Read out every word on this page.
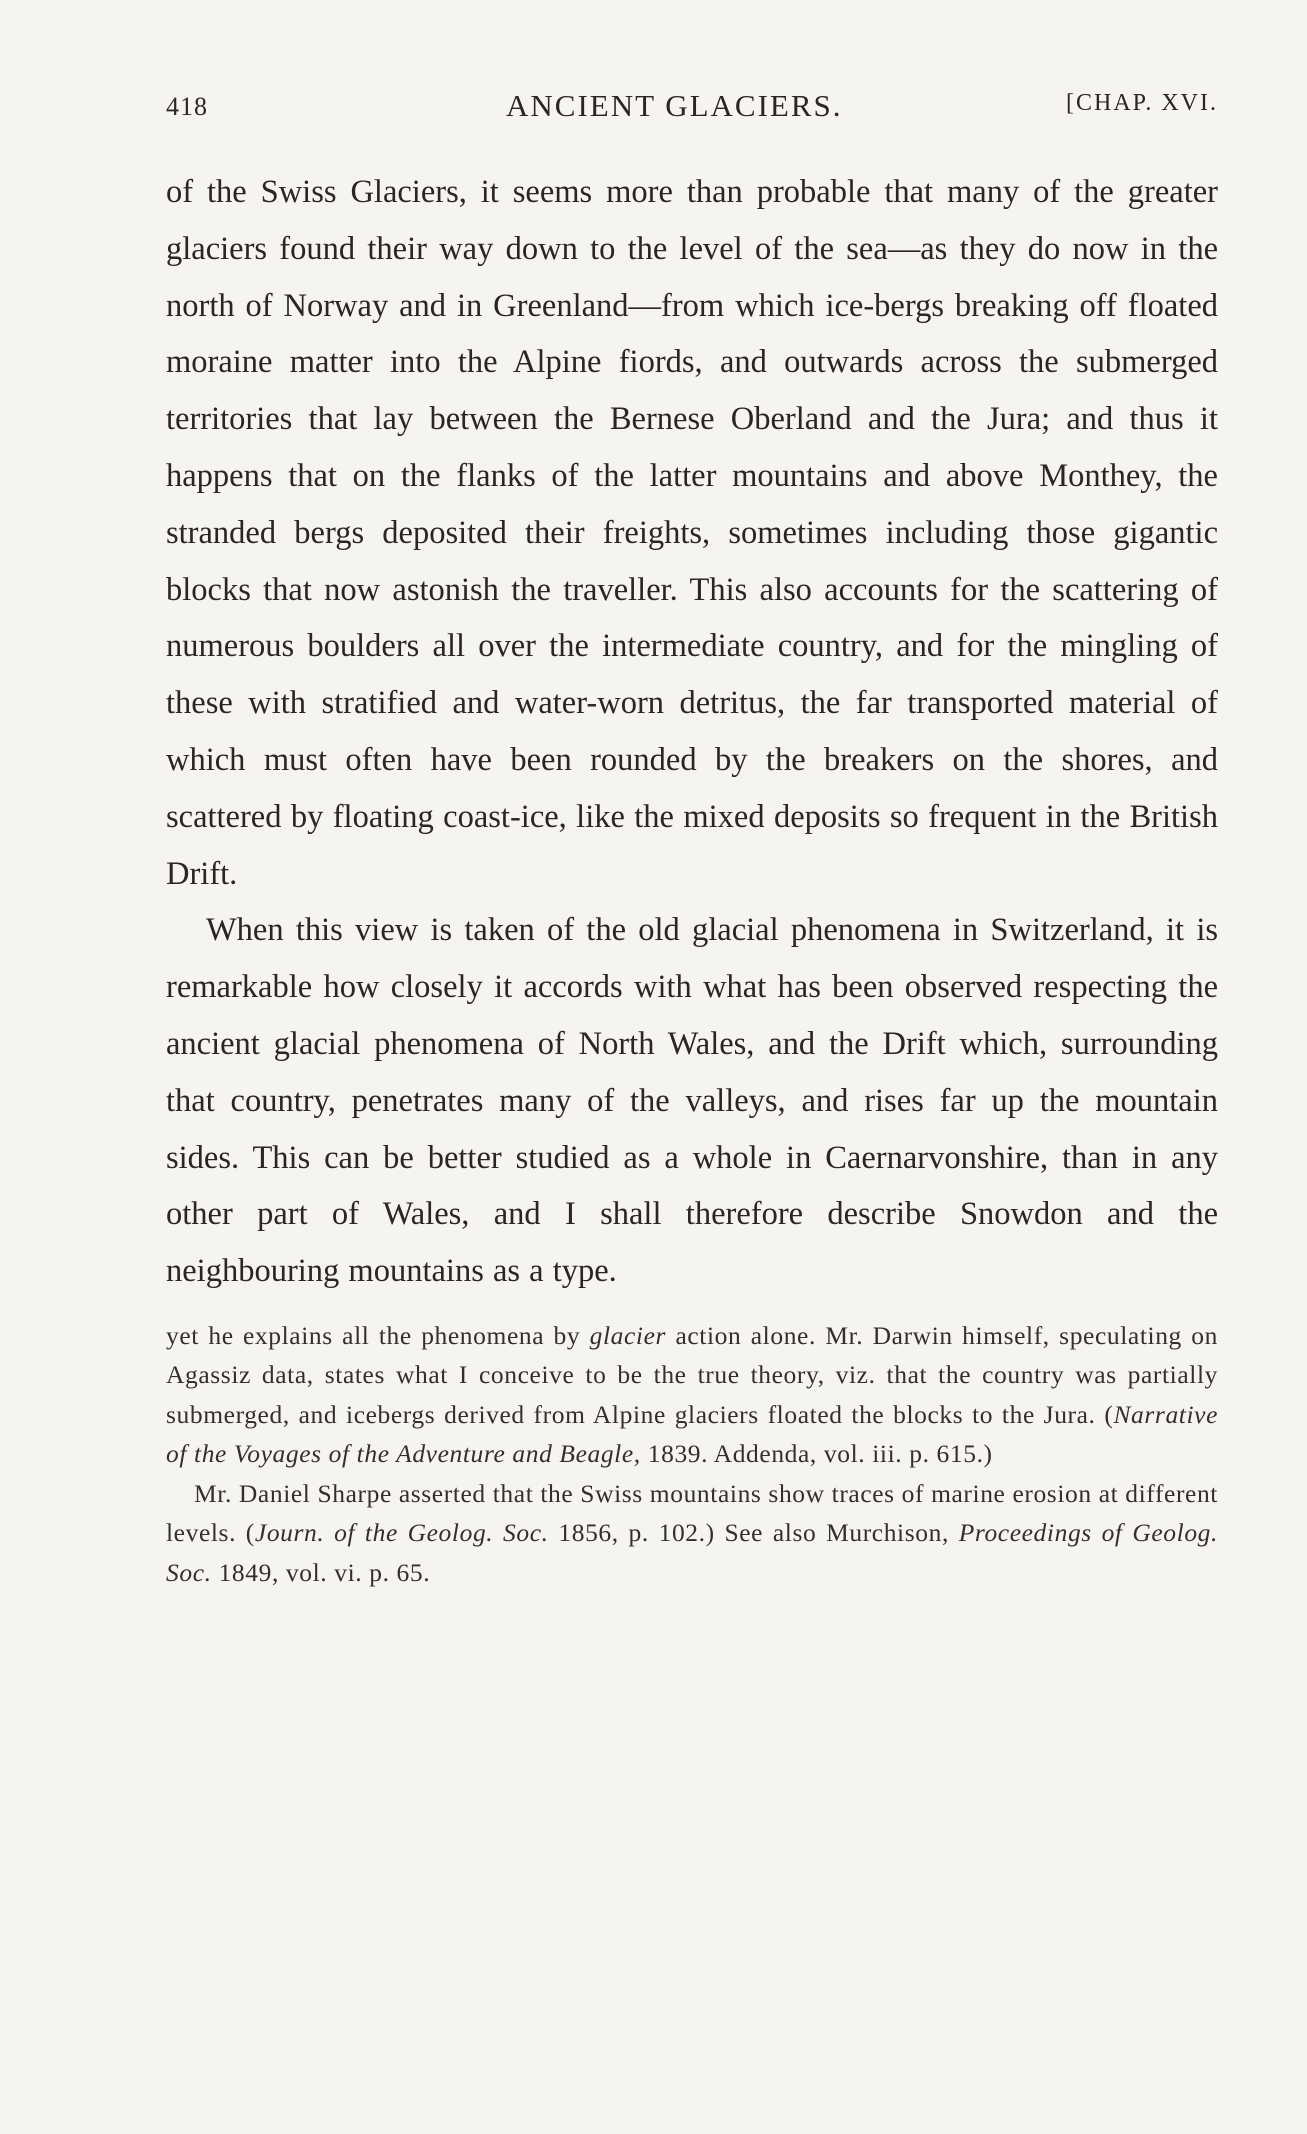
418	ANCIENT GLACIERS.	[CHAP. XVI.

of the Swiss Glaciers, it seems more than probable that many of the greater glaciers found their way down to the level of the sea—as they do now in the north of Norway and in Greenland—from which ice-bergs breaking off floated moraine matter into the Alpine fiords, and outwards across the submerged territories that lay between the Bernese Oberland and the Jura; and thus it happens that on the flanks of the latter mountains and above Monthey, the stranded bergs deposited their freights, sometimes including those gigantic blocks that now astonish the traveller. This also accounts for the scattering of numerous boulders all over the intermediate country, and for the mingling of these with stratified and water-worn detritus, the far transported material of which must often have been rounded by the breakers on the shores, and scattered by floating coast-ice, like the mixed deposits so frequent in the British Drift.

When this view is taken of the old glacial phenomena in Switzerland, it is remarkable how closely it accords with what has been observed respecting the ancient glacial phenomena of North Wales, and the Drift which, surrounding that country, penetrates many of the valleys, and rises far up the mountain sides. This can be better studied as a whole in Caernarvonshire, than in any other part of Wales, and I shall therefore describe Snowdon and the neighbouring mountains as a type.

yet he explains all the phenomena by glacier action alone. Mr. Darwin himself, speculating on Agassiz data, states what I conceive to be the true theory, viz. that the country was partially submerged, and icebergs derived from Alpine glaciers floated the blocks to the Jura. (Narrative of the Voyages of the Adventure and Beagle, 1839. Addenda, vol. iii. p. 615.)

Mr. Daniel Sharpe asserted that the Swiss mountains show traces of marine erosion at different levels. (Journ. of the Geolog. Soc. 1856, p. 102.) See also Murchison, Proceedings of Geolog. Soc. 1849, vol. vi. p. 65.
